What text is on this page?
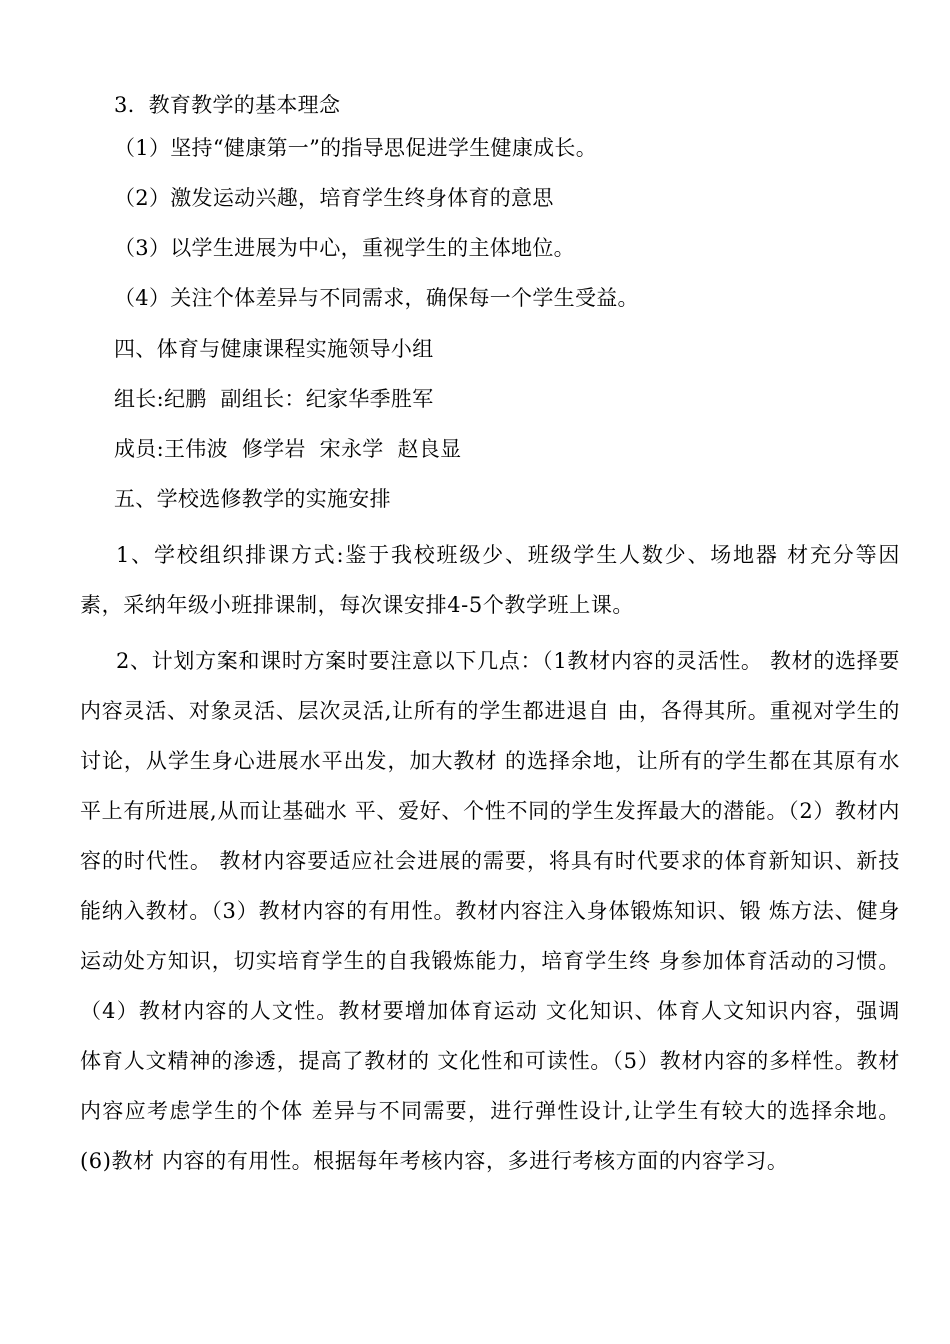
3.  教育教学的基本理念
（1）坚持“健康第一”的指导思促进学生健康成长。
（2）激发运动兴趣，培育学生终身体育的意思
（3）以学生进展为中心，重视学生的主体地位。
（4）关注个体差异与不同需求，确保每一个学生受益。
四、体育与健康课程实施领导小组
组长:纪鹏  副组长：纪家华季胜军
成员:王伟波  修学岩  宋永学  赵良显
五、学校选修教学的实施安排
1、学校组织排课方式:鉴于我校班级少、班级学生人数少、场地器 材充分等因素，采纳年级小班排课制，每次课安排4-5个教学班上课。
2、计划方案和课时方案时要注意以下几点：（1教材内容的灵活性。 教材的选择要内容灵活、对象灵活、层次灵活,让所有的学生都进退自 由，各得其所。重视对学生的讨论，从学生身心进展水平出发，加大教材 的选择余地，让所有的学生都在其原有水平上有所进展,从而让基础水 平、爱好、个性不同的学生发挥最大的潜能。（2）教材内容的时代性。 教材内容要适应社会进展的需要，将具有时代要求的体育新知识、新技 能纳入教材。（3）教材内容的有用性。教材内容注入身体锻炼知识、锻 炼方法、健身运动处方知识，切实培育学生的自我锻炼能力，培育学生终 身参加体育活动的习惯。（4）教材内容的人文性。教材要增加体育运动 文化知识、体育人文知识内容，强调体育人文精神的渗透，提高了教材的 文化性和可读性。（5）教材内容的多样性。教材内容应考虑学生的个体 差异与不同需要，进行弹性设计,让学生有较大的选择余地。(6)教材 内容的有用性。根据每年考核内容，多进行考核方面的内容学习。
